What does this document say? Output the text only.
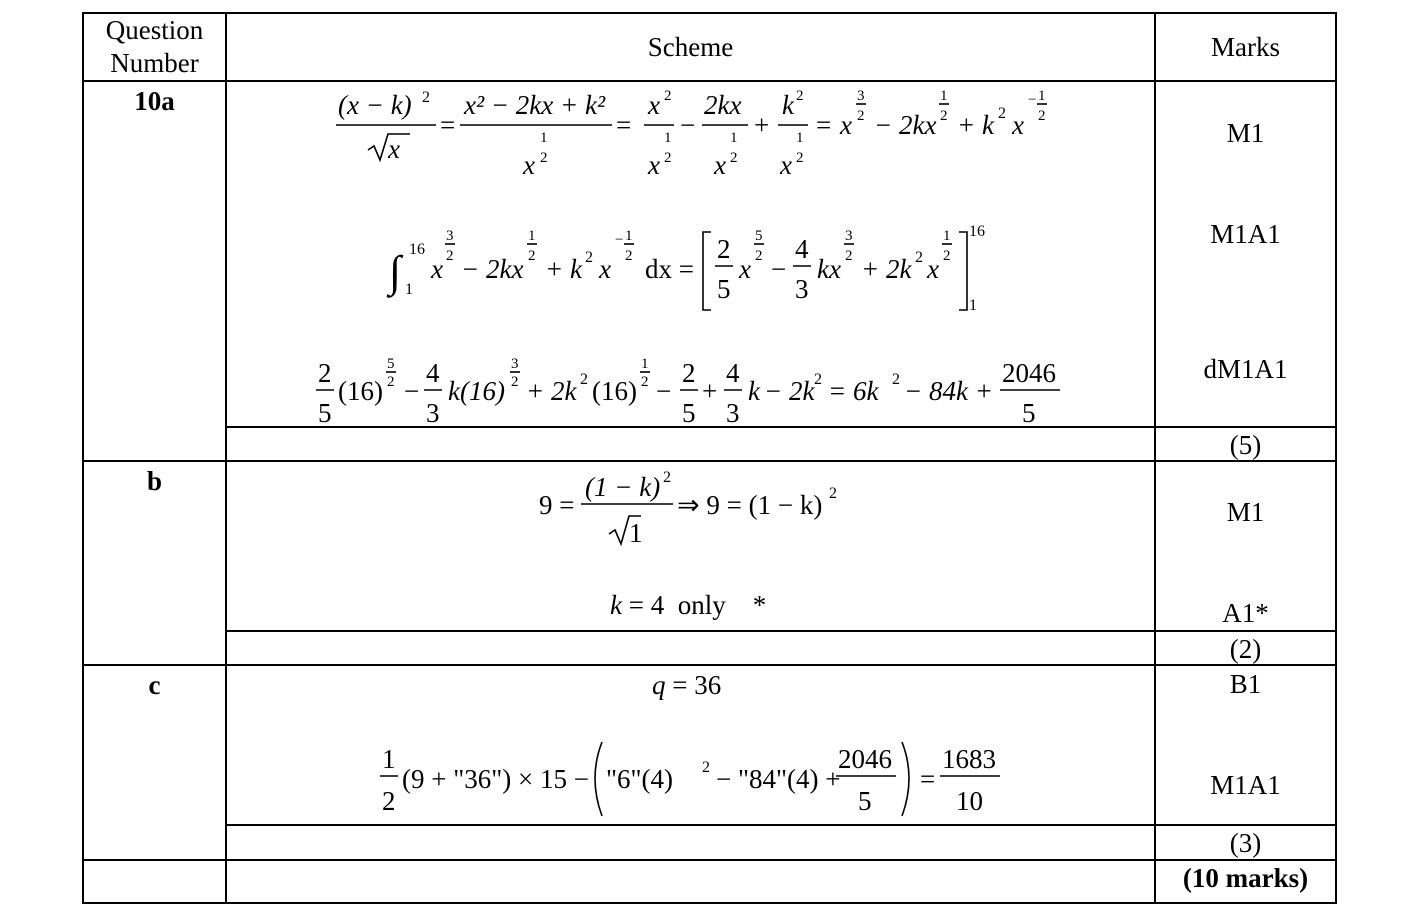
Question
Number
Scheme	Marks
10a
b
c
M1
M1A1
dM1A1
(5)
M1
A1*
(2)
B1
M1A1
(3)
(10 marks)
(x − k) 2
x
=
x² − 2kx + k²
x
1
2
=
x 2
x
1
2
−
2kx
x
1
2
+
k 2
x
1
2
= x
3
2 − 2kx
1
2 + k 2 x
− 1
2
∫ 16
1
x
3
2 − 2kx
1
2 + k 2 x
− 1
2 dx =
2
5
x
5
2 −
4
3
kx
3
2 + 2k 2 x
1
2
16
1
2
5
(16)
5
2 −
4
3
k(16)
3
2 + 2k 2 (16)
1
2 −
2
5
+
4
3
k − 2k 2 = 6k 2 − 84k +
2046
5
9 =
(1 − k) 2
1
⇒ 9 = (1 − k) 2
k = 4  only    *
q = 36
1
2
(9 + "36") × 15 − "6"(4) 2 − "84"(4) +
2046
5
=
1683
10
